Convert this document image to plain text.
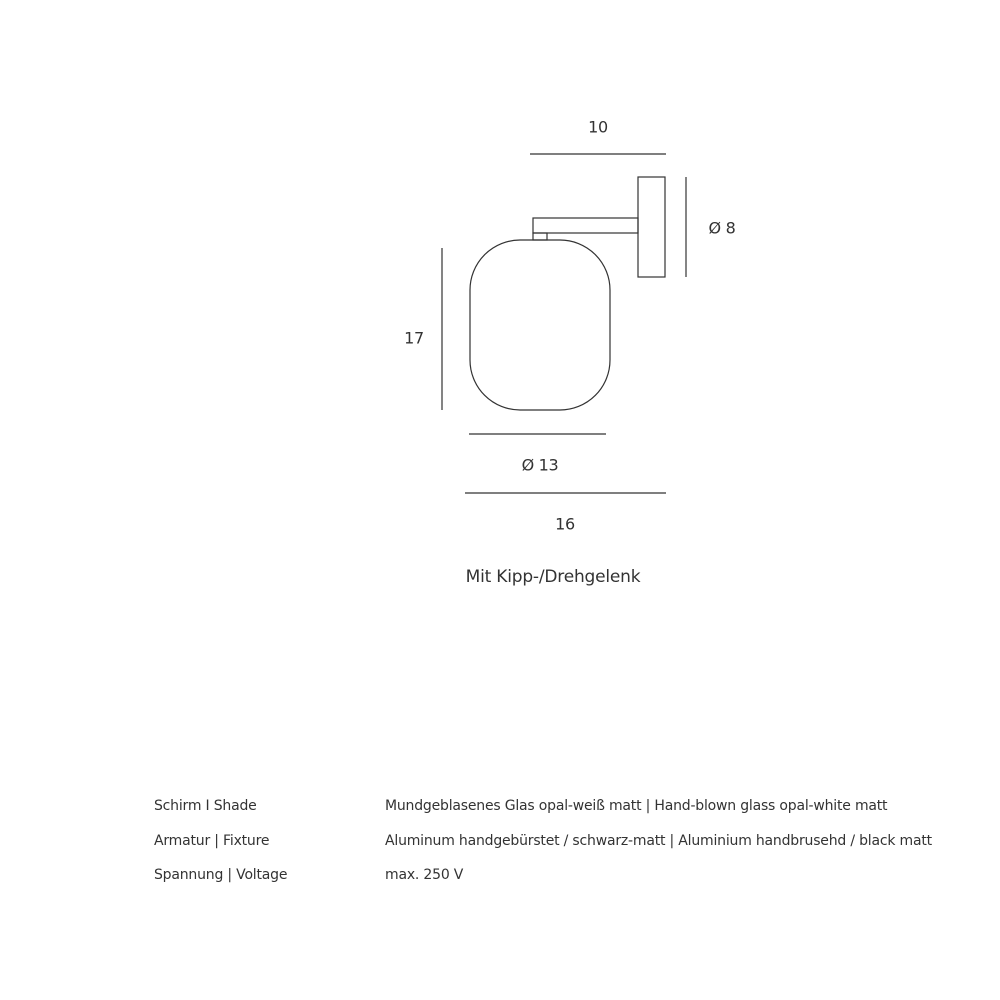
10
Ø 8
17
Ø 13
16
Mit Kipp-/Drehgelenk
Schirm I Shade	Mundgeblasenes Glas opal-weiß matt | Hand-blown glass opal-white matt
Armatur | Fixture	Aluminum handgebürstet / schwarz-matt | Aluminium handbrusehd / black matt
Spannung | Voltage	max. 250 V
